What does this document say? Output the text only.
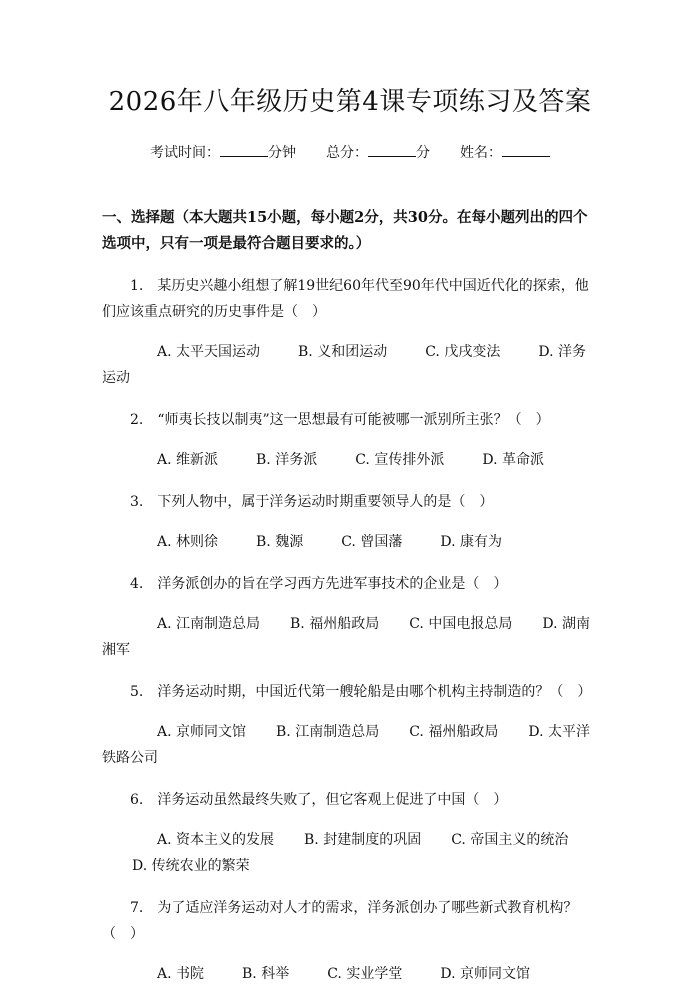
2026年八年级历史第4课专项练习及答案
考试时间：	分钟 总分：	分 姓名：

一、选择题（本大题共15小题，每小题2分，共30分。在每小题列出的四个选项中，只有一项是最符合题目要求的。）

1.　某历史兴趣小组想了解19世纪60年代至90年代中国近代化的探索，他们应该重点研究的历史事件是（　）

A. 太平天国运动	B. 义和团运动	C. 戊戌变法	D. 洋务运动

2.　“师夷长技以制夷”这一思想最有可能被哪一派别所主张？（　）

A. 维新派	B. 洋务派	C. 宣传排外派	D. 革命派

3.　下列人物中，属于洋务运动时期重要领导人的是（　）

A. 林则徐	B. 魏源	C. 曾国藩	D. 康有为

4.　洋务派创办的旨在学习西方先进军事技术的企业是（　）

A. 江南制造总局 B. 福州船政局 C. 中国电报总局 D. 湖南湘军

5.　洋务运动时期，中国近代第一艘轮船是由哪个机构主持制造的？（　）

A. 京师同文馆 B. 江南制造总局 C. 福州船政局 D. 太平洋铁路公司

6.　洋务运动虽然最终失败了，但它客观上促进了中国（　）

A. 资本主义的发展 B. 封建制度的巩固 C. 帝国主义的统治D. 传统农业的繁荣

7.　为了适应洋务运动对人才的需求，洋务派创办了哪些新式教育机构？（　）

A. 书院	B. 科举	C. 实业学堂	D. 京师同文馆
